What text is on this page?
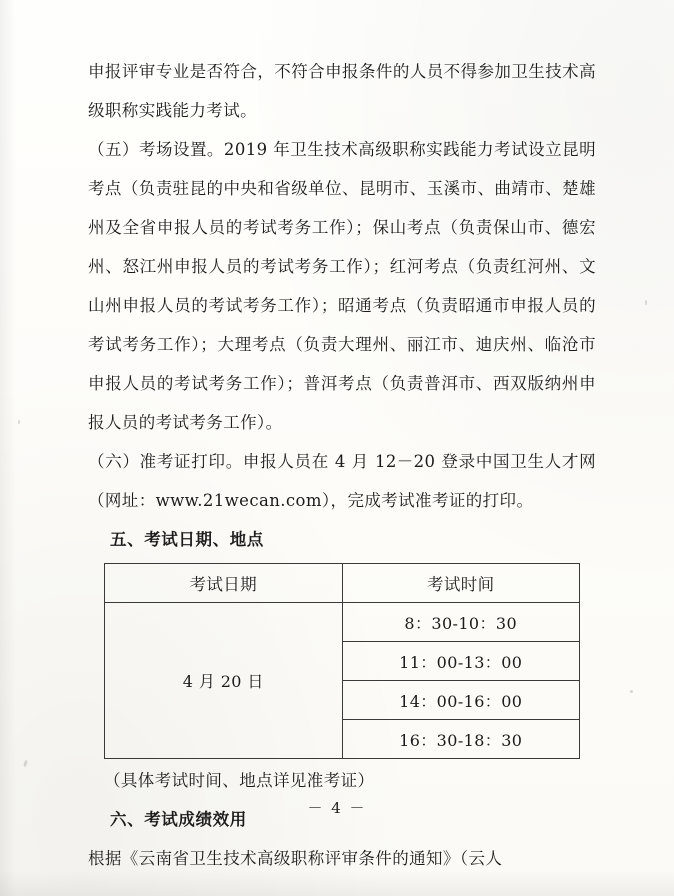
申报评审专业是否符合，不符合申报条件的人员不得参加卫生技术高级职称实践能力考试。

（五）考场设置。2019 年卫生技术高级职称实践能力考试设立昆明考点（负责驻昆的中央和省级单位、昆明市、玉溪市、曲靖市、楚雄州及全省申报人员的考试考务工作）；保山考点（负责保山市、德宏州、怒江州申报人员的考试考务工作）；红河考点（负责红河州、文山州申报人员的考试考务工作）；昭通考点（负责昭通市申报人员的考试考务工作）；大理考点（负责大理州、丽江市、迪庆州、临沧市申报人员的考试考务工作）；普洱考点（负责普洱市、西双版纳州申报人员的考试考务工作）。

（六）准考证打印。申报人员在 4 月 12－20 登录中国卫生人才网（网址：www.21wecan.com），完成考试准考证的打印。

五、考试日期、地点
考试日期	考试时间
4 月 20 日	8：30-10：30
	11：00-13：00
	14：00-16：00
	16：30-18：30
（具体考试时间、地点详见准考证）
六、考试成绩效用

根据《云南省卫生技术高级职称评审条件的通知》（云人

－ 4 －
